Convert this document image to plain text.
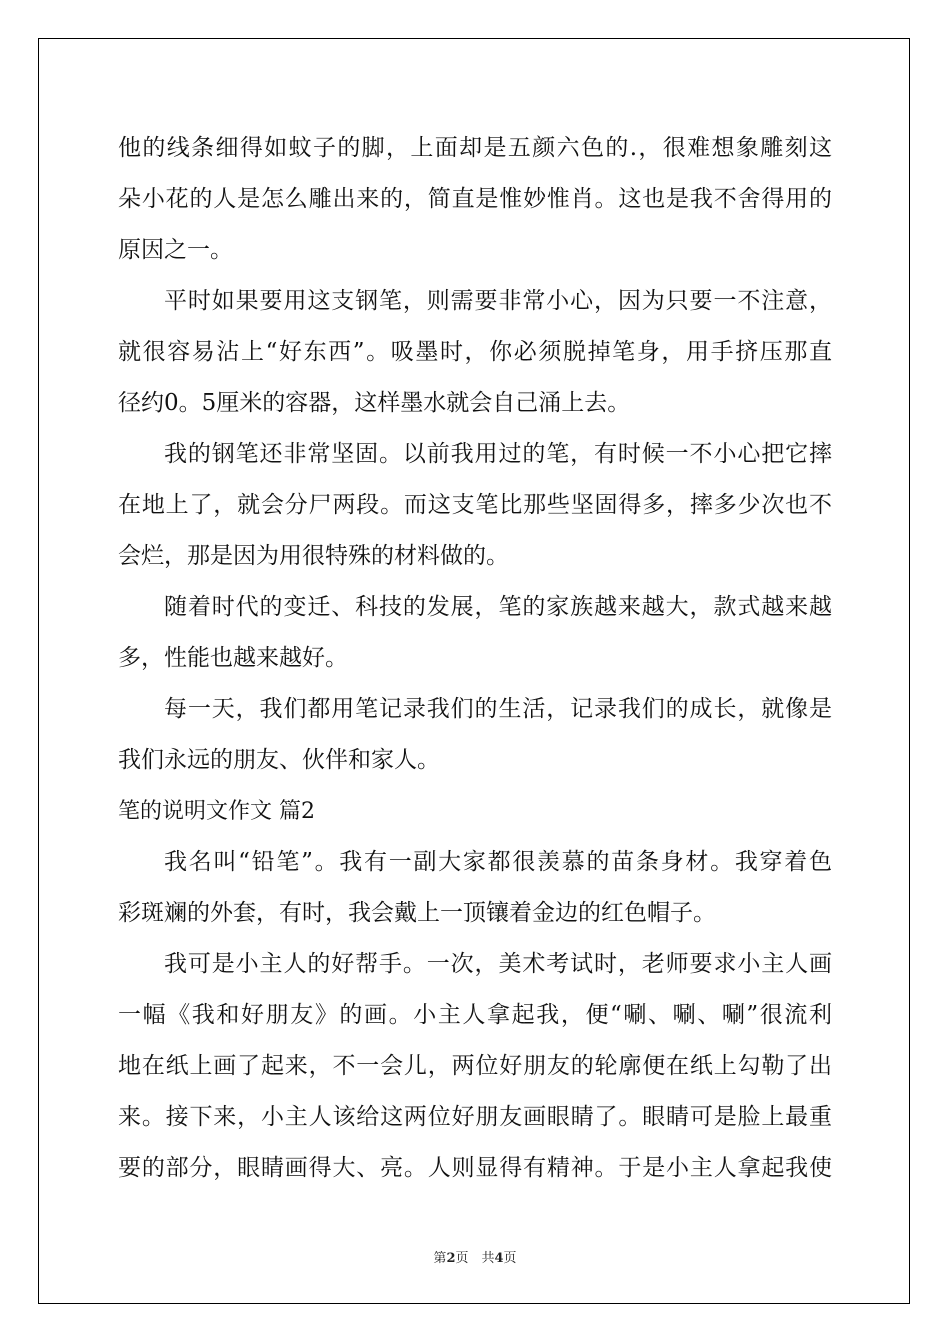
他的线条细得如蚊子的脚，上面却是五颜六色的.，很难想象雕刻这
朵小花的人是怎么雕出来的，简直是惟妙惟肖。这也是我不舍得用的
原因之一。
平时如果要用这支钢笔，则需要非常小心，因为只要一不注意，
就很容易沾上“好东西”。吸墨时，你必须脱掉笔身，用手挤压那直
径约0。5厘米的容器，这样墨水就会自己涌上去。
我的钢笔还非常坚固。以前我用过的笔，有时候一不小心把它摔
在地上了，就会分尸两段。而这支笔比那些坚固得多，摔多少次也不
会烂，那是因为用很特殊的材料做的。
随着时代的变迁、科技的发展，笔的家族越来越大，款式越来越
多，性能也越来越好。
每一天，我们都用笔记录我们的生活，记录我们的成长，就像是
我们永远的朋友、伙伴和家人。
笔的说明文作文 篇2
我名叫“铅笔”。我有一副大家都很羡慕的苗条身材。我穿着色
彩斑斓的外套，有时，我会戴上一顶镶着金边的红色帽子。
我可是小主人的好帮手。一次，美术考试时，老师要求小主人画
一幅《我和好朋友》的画。小主人拿起我，便“唰、唰、唰”很流利
地在纸上画了起来，不一会儿，两位好朋友的轮廓便在纸上勾勒了出
来。接下来，小主人该给这两位好朋友画眼睛了。眼睛可是脸上最重
要的部分，眼睛画得大、亮。人则显得有精神。于是小主人拿起我使
第2页　共4页
